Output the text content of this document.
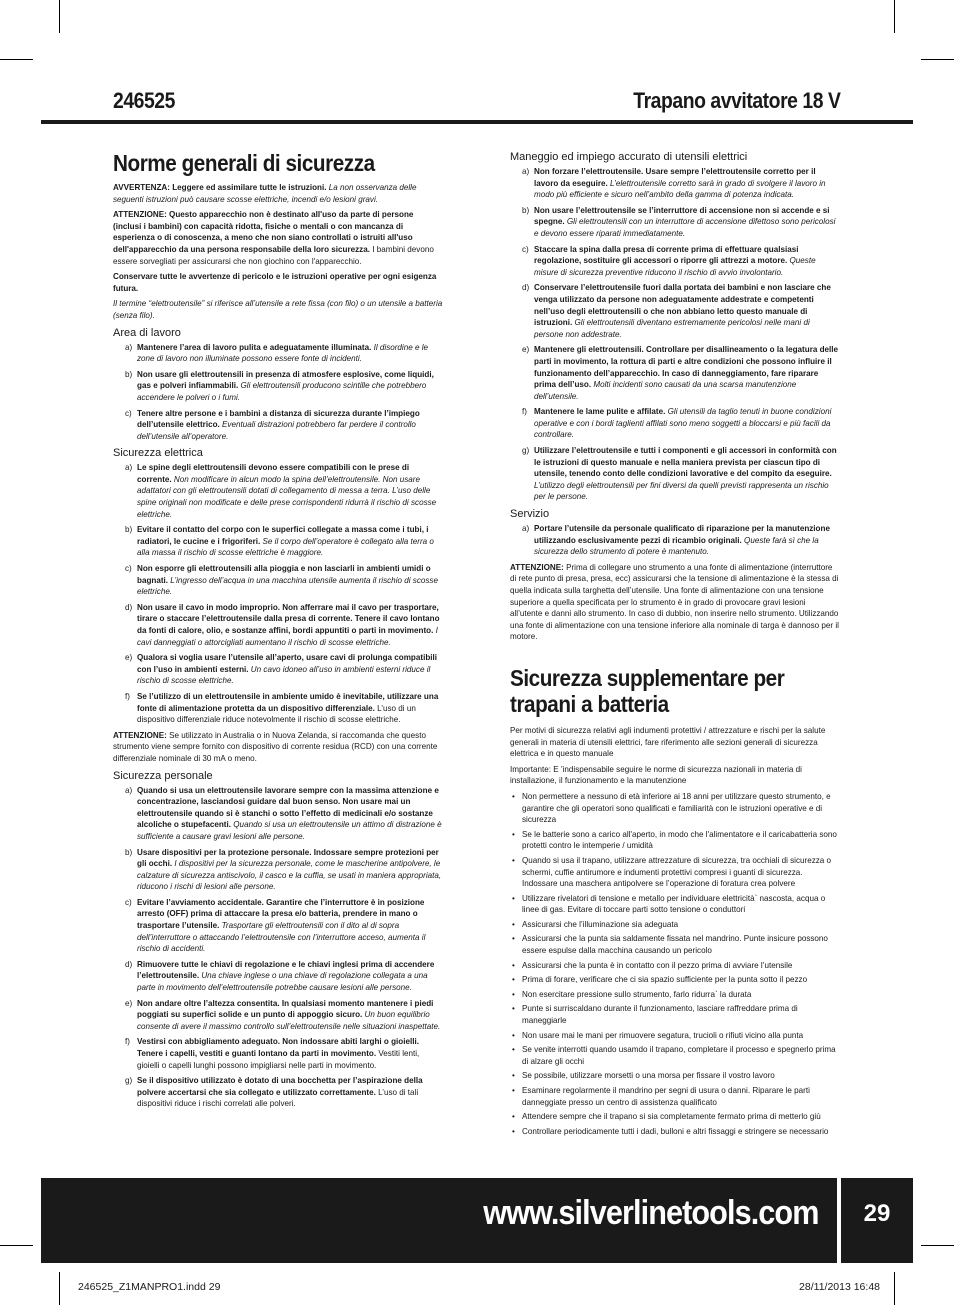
246525	Trapano avvitatore 18 V
Norme generali di sicurezza

AVVERTENZA: Leggere ed assimilare tutte le istruzioni. La non osservanza delle seguenti istruzioni può causare scosse elettriche, incendi e/o lesioni gravi.

ATTENZIONE: Questo apparecchio non è destinato all'uso da parte di persone (inclusi i bambini) con capacità ridotta, fisiche o mentali o con mancanza di esperienza o di conoscenza, a meno che non siano controllati o istruiti all'uso dell'apparecchio da una persona responsabile della loro sicurezza. I bambini devono essere sorvegliati per assicurarsi che non giochino con l'apparecchio.

Conservare tutte le avvertenze di pericolo e le istruzioni operative per ogni esigenza futura.

Il termine “elettroutensile” si riferisce all’utensile a rete fissa (con filo) o un utensile a batteria (senza filo).

Area di lavoro
a) Mantenere l’area di lavoro pulita e adeguatamente illuminata. Il disordine e le zone di lavoro non illuminate possono essere fonte di incidenti.
b) Non usare gli elettroutensili in presenza di atmosfere esplosive, come liquidi, gas e polveri infiammabili. Gli elettroutensili producono scintille che potrebbero accendere le polveri o i fumi.
c) Tenere altre persone e i bambini a distanza di sicurezza durante l’impiego dell’utensile elettrico. Eventuali distrazioni potrebbero far perdere il controllo dell’utensile all’operatore.
Sicurezza elettrica
a) Le spine degli elettroutensili devono essere compatibili con le prese di corrente. Non modificare in alcun modo la spina dell’elettroutensile. Non usare adattatori con gli elettroutensili dotati di collegamento di messa a terra. L’uso delle spine originali non modificate e delle prese corrispondenti ridurrà il rischio di scosse elettriche.
b) Evitare il contatto del corpo con le superfici collegate a massa come i tubi, i radiatori, le cucine e i frigoriferi. Se il corpo dell’operatore è collegato alla terra o alla massa il rischio di scosse elettriche è maggiore.
c) Non esporre gli elettroutensili alla pioggia e non lasciarli in ambienti umidi o bagnati. L’ingresso dell’acqua in una macchina utensile aumenta il rischio di scosse elettriche.
d) Non usare il cavo in modo improprio. Non afferrare mai il cavo per trasportare, tirare o staccare l’elettroutensile dalla presa di corrente. Tenere il cavo lontano da fonti di calore, olio, e sostanze affini, bordi appuntiti o parti in movimento. I cavi danneggiati o attorcigliati aumentano il rischio di scosse elettriche.
e) Qualora si voglia usare l’utensile all’aperto, usare cavi di prolunga compatibili con l’uso in ambienti esterni. Un cavo idoneo all’uso in ambienti esterni riduce il rischio di scosse elettriche.
f) Se l’utilizzo di un elettroutensile in ambiente umido è inevitabile, utilizzare una fonte di alimentazione protetta da un dispositivo differenziale. L’uso di un dispositivo differenziale riduce notevolmente il rischio di scosse elettriche.

ATTENZIONE: Se utilizzato in Australia o in Nuova Zelanda, si raccomanda che questo strumento viene sempre fornito con dispositivo di corrente residua (RCD) con una corrente differenziale nominale di 30 mA o meno.

Sicurezza personale
a) Quando si usa un elettroutensile lavorare sempre con la massima attenzione e concentrazione, lasciandosi guidare dal buon senso. Non usare mai un elettroutensile quando si è stanchi o sotto l’effetto di medicinali e/o sostanze alcoliche o stupefacenti. Quando si usa un elettroutensile un attimo di distrazione è sufficiente a causare gravi lesioni alle persone.
b) Usare dispositivi per la protezione personale. Indossare sempre protezioni per gli occhi. I dispositivi per la sicurezza personale, come le mascherine antipolvere, le calzature di sicurezza antiscivolo, il casco e la cuffia, se usati in maniera appropriata, riducono i rischi di lesioni alle persone.
c) Evitare l’avviamento accidentale. Garantire che l’interruttore è in posizione arresto (OFF) prima di attaccare la presa e/o batteria, prendere in mano o trasportare l’utensile. Trasportare gli elettroutensili con il dito al di sopra dell’interruttore o attaccando l’elettroutensile con l’interruttore acceso, aumenta il rischio di accidenti.
d) Rimuovere tutte le chiavi di regolazione e le chiavi inglesi prima di accendere l’elettroutensile. Una chiave inglese o una chiave di regolazione collegata a una parte in movimento dell’elettroutensile potrebbe causare lesioni alle persone.
e) Non andare oltre l’altezza consentita. In qualsiasi momento mantenere i piedi poggiati su superfici solide e un punto di appoggio sicuro. Un buon equilibrio consente di avere il massimo controllo sull’elettroutensile nelle situazioni inaspettate.
f) Vestirsi con abbigliamento adeguato. Non indossare abiti larghi o gioielli. Tenere i capelli, vestiti e guanti lontano da parti in movimento. Vestiti lenti, gioielli o capelli lunghi possono impigliarsi nelle parti in movimento.
g) Se il dispositivo utilizzato è dotato di una bocchetta per l’aspirazione della polvere accertarsi che sia collegato e utilizzato correttamente. L’uso di tali dispositivi riduce i rischi correlati alle polveri.
Maneggio ed impiego accurato di utensili elettrici
a) Non forzare l’elettroutensile. Usare sempre l’elettroutensile corretto per il lavoro da eseguire. L’elettroutensile corretto sarà in grado di svolgere il lavoro in modo più efficiente e sicuro nell’ambito della gamma di potenza indicata.
b) Non usare l’elettroutensile se l’interruttore di accensione non si accende e si spegne. Gli elettroutensili con un interruttore di accensione difettoso sono pericolosi e devono essere riparati immediatamente.
c) Staccare la spina dalla presa di corrente prima di effettuare qualsiasi regolazione, sostituire gli accessori o riporre gli attrezzi a motore. Queste misure di sicurezza preventive riducono il rischio di avvio involontario.
d) Conservare l’elettroutensile fuori dalla portata dei bambini e non lasciare che venga utilizzato da persone non adeguatamente addestrate e competenti nell’uso degli elettroutensili o che non abbiano letto questo manuale di istruzioni. Gli elettroutensili diventano estremamente pericolosi nelle mani di persone non addestrate.
e) Mantenere gli elettroutensili. Controllare per disallineamento o la legatura delle parti in movimento, la rottura di parti e altre condizioni che possono influire il funzionamento dell’apparecchio. In caso di danneggiamento, fare riparare prima dell’uso. Molti incidenti sono causati da una scarsa manutenzione dell’utensile.
f) Mantenere le lame pulite e affilate. Gli utensili da taglio tenuti in buone condizioni operative e con i bordi taglienti affilati sono meno soggetti a bloccarsi e più facili da controllare.
g) Utilizzare l’elettroutensile e tutti i componenti e gli accessori in conformità con le istruzioni di questo manuale e nella maniera prevista per ciascun tipo di utensile, tenendo conto delle condizioni lavorative e del compito da eseguire. L’utilizzo degli elettroutensili per fini diversi da quelli previsti rappresenta un rischio per le persone.
Servizio
a) Portare l’utensile da personale qualificato di riparazione per la manutenzione utilizzando esclusivamente pezzi di ricambio originali. Queste farà sì che la sicurezza dello strumento di potere è mantenuto.

ATTENZIONE: Prima di collegare uno strumento a una fonte di alimentazione (interruttore di rete punto di presa, presa, ecc) assicurarsi che la tensione di alimentazione è la stessa di quella indicata sulla targhetta dell’utensile. Una fonte di alimentazione con una tensione superiore a quella specificata per lo strumento è in grado di provocare gravi lesioni all’utente e danni allo strumento. In caso di dubbio, non inserire nello strumento. Utilizzando una fonte di alimentazione con una tensione inferiore alla nominale di targa è dannoso per il motore.

Sicurezza supplementare per
trapani a batteria

Per motivi di sicurezza relativi agli indumenti protettivi / attrezzature e rischi per la salute generali in materia di utensili elettrici, fare riferimento alle sezioni generali di sicurezza elettrica e in questo manuale

Importante: E ’indispensabile seguire le norme di sicurezza nazionali in materia di installazione, il funzionamento e la manutenzione

• Non permettere a nessuno di età inferiore ai 18 anni per utilizzare questo strumento, e garantire che gli operatori sono qualificati e familiarità con le istruzioni operative e di sicurezza
• Se le batterie sono a carico all'aperto, in modo che l'alimentatore e il caricabatteria sono protetti contro le intemperie / umidità
• Quando si usa il trapano, utilizzare attrezzature di sicurezza, tra occhiali di sicurezza o schermi, cuffie antirumore e indumenti protettivi compresi i guanti di sicurezza. Indossare una maschera antipolvere se l’operazione di foratura crea polvere
• Utilizzare rivelatori di tensione e metallo per individuare elettricità` nascosta, acqua o linee di gas. Evitare di toccare parti sotto tensione o conduttori
• Assicurarsi che l’illuminazione sia adeguata
• Assicurarsi che la punta sia saldamente fissata nel mandrino. Punte insicure possono essere espulse dalla macchina causando un pericolo
• Assicurarsi che la punta è in contatto con il pezzo prima di avviare l’utensile
• Prima di forare, verificare che ci sia spazio sufficiente per la punta sotto il pezzo
• Non esercitare pressione sullo strumento, farlo ridurra` la durata
• Punte si surriscaldano durante il funzionamento, lasciare raffreddare prima di maneggiarle
• Non usare mai le mani per rimuovere segatura, trucioli o rifiuti vicino alla punta
• Se venite interrotti quando usamdo il trapano, completare il processo e spegnerlo prima di alzare gli occhi
• Se possibile, utilizzare morsetti o una morsa per fissare il vostro lavoro
• Esaminare regolarmente il mandrino per segni di usura o danni. Riparare le parti danneggiate presso un centro di assistenza qualificato
• Attendere sempre che il trapano si sia completamente fermato prima di metterlo giù
• Controllare periodicamente tutti i dadi, bulloni e altri fissaggi e stringere se necessario
www.silverlinetools.com	29
246525_Z1MANPRO1.indd 29	28/11/2013 16:48
